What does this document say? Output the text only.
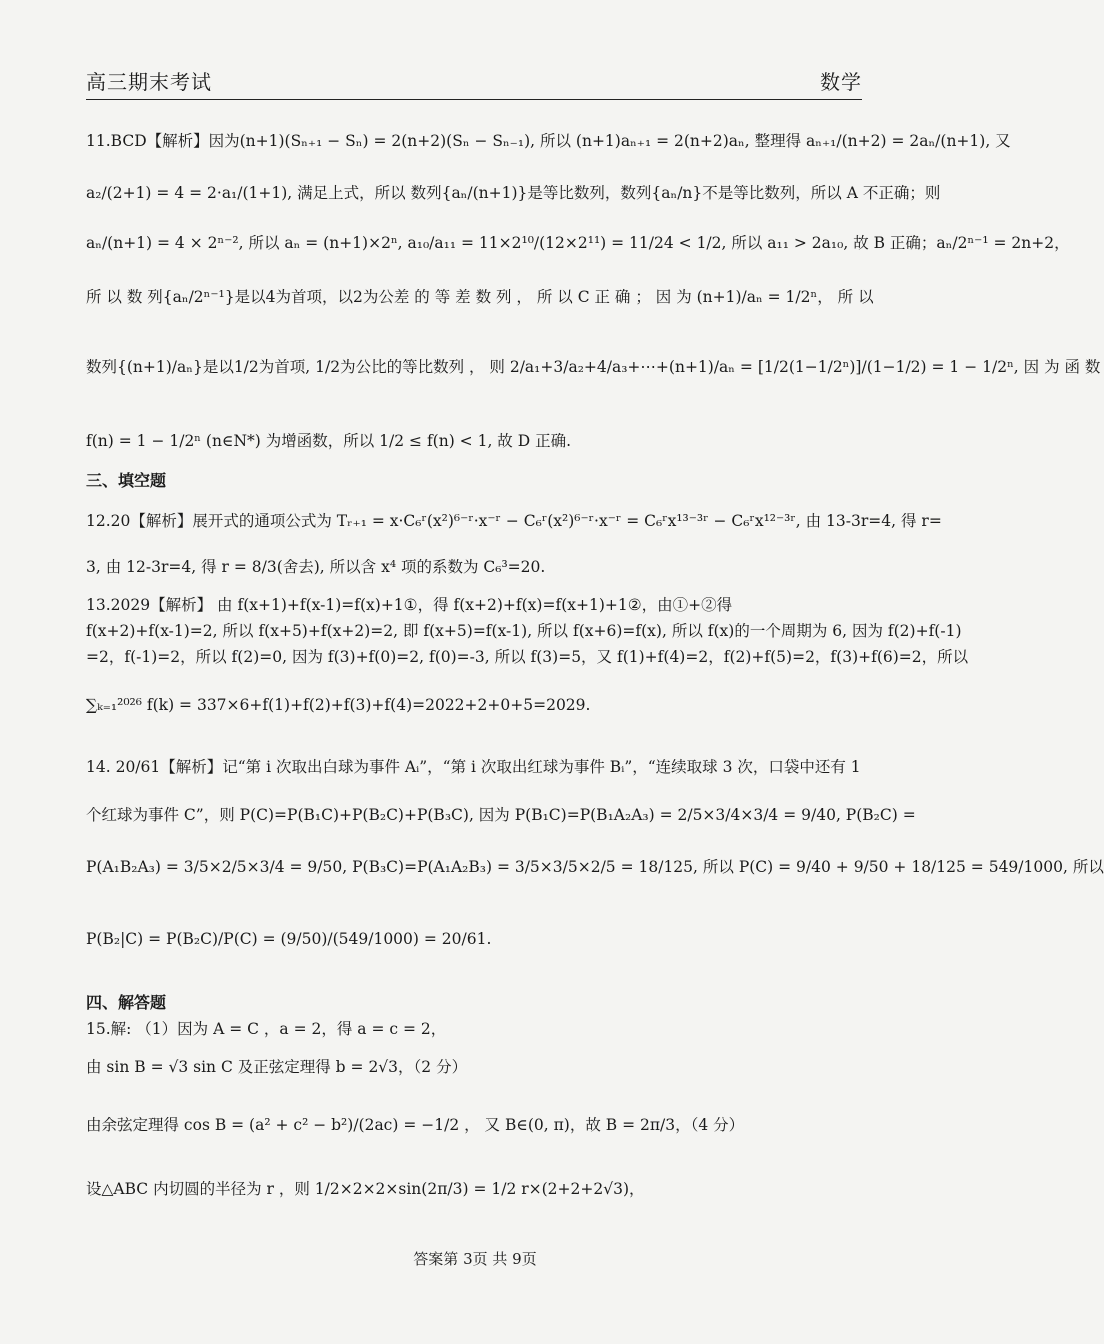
高三期末考试	数学
11.BCD【解析】因为(n+1)(Sₙ₊₁ − Sₙ) = 2(n+2)(Sₙ − Sₙ₋₁), 所以 (n+1)aₙ₊₁ = 2(n+2)aₙ, 整理得 aₙ₊₁/(n+2) = 2aₙ/(n+1), 又
a₂/(2+1) = 4 = 2·a₁/(1+1), 满足上式，所以 数列{aₙ/(n+1)}是等比数列，数列{aₙ/n}不是等比数列，所以 A 不正确；则
aₙ/(n+1) = 4 × 2ⁿ⁻², 所以 aₙ = (n+1)×2ⁿ, a₁₀/a₁₁ = 11×2¹⁰/(12×2¹¹) = 11/24 < 1/2, 所以 a₁₁ > 2a₁₀, 故 B 正确；aₙ/2ⁿ⁻¹ = 2n+2，
所 以 数 列{aₙ/2ⁿ⁻¹}是以4为首项，以2为公差 的 等 差 数 列 ， 所 以 C 正 确 ； 因 为 (n+1)/aₙ = 1/2ⁿ， 所 以
数列{(n+1)/aₙ}是以1/2为首项, 1/2为公比的等比数列 ， 则 2/a₁+3/a₂+4/a₃+⋯+(n+1)/aₙ = [1/2(1−1/2ⁿ)]/(1−1/2) = 1 − 1/2ⁿ, 因 为 函 数
f(n) = 1 − 1/2ⁿ (n∈N*) 为增函数，所以 1/2 ≤ f(n) < 1, 故 D 正确.
三、填空题
12.20【解析】展开式的通项公式为 Tᵣ₊₁ = x·C₆ʳ(x²)⁶⁻ʳ·x⁻ʳ − C₆ʳ(x²)⁶⁻ʳ·x⁻ʳ = C₆ʳx¹³⁻³ʳ − C₆ʳx¹²⁻³ʳ, 由 13-3r=4, 得 r=
3, 由 12-3r=4, 得 r = 8/3(舍去), 所以含 x⁴ 项的系数为 C₆³=20.
13.2029【解析】 由 f(x+1)+f(x-1)=f(x)+1①，得 f(x+2)+f(x)=f(x+1)+1②，由①+②得
f(x+2)+f(x-1)=2, 所以 f(x+5)+f(x+2)=2, 即 f(x+5)=f(x-1), 所以 f(x+6)=f(x), 所以 f(x)的一个周期为 6, 因为 f(2)+f(-1)
=2，f(-1)=2，所以 f(2)=0, 因为 f(3)+f(0)=2, f(0)=-3, 所以 f(3)=5，又 f(1)+f(4)=2，f(2)+f(5)=2，f(3)+f(6)=2，所以
∑ₖ₌₁²⁰²⁶ f(k) = 337×6+f(1)+f(2)+f(3)+f(4)=2022+2+0+5=2029.
14. 20/61【解析】记“第 i 次取出白球为事件 Aᵢ”，“第 i 次取出红球为事件 Bᵢ”，“连续取球 3 次，口袋中还有 1
个红球为事件 C”，则 P(C)=P(B₁C)+P(B₂C)+P(B₃C), 因为 P(B₁C)=P(B₁A₂A₃) = 2/5×3/4×3/4 = 9/40, P(B₂C) =
P(A₁B₂A₃) = 3/5×2/5×3/4 = 9/50, P(B₃C)=P(A₁A₂B₃) = 3/5×3/5×2/5 = 18/125, 所以 P(C) = 9/40 + 9/50 + 18/125 = 549/1000, 所以
P(B₂|C) = P(B₂C)/P(C) = (9/50)/(549/1000) = 20/61.
四、解答题
15.解: （1）因为 A = C ，a = 2，得 a = c = 2，
由 sin B = √3 sin C 及正弦定理得 b = 2√3，（2 分）
由余弦定理得 cos B = (a² + c² − b²)/(2ac) = −1/2 ， 又 B∈(0, π)，故 B = 2π/3，（4 分）
设△ABC 内切圆的半径为 r ，则 1/2×2×2×sin(2π/3) = 1/2 r×(2+2+2√3)，
答案第 3页 共 9页
